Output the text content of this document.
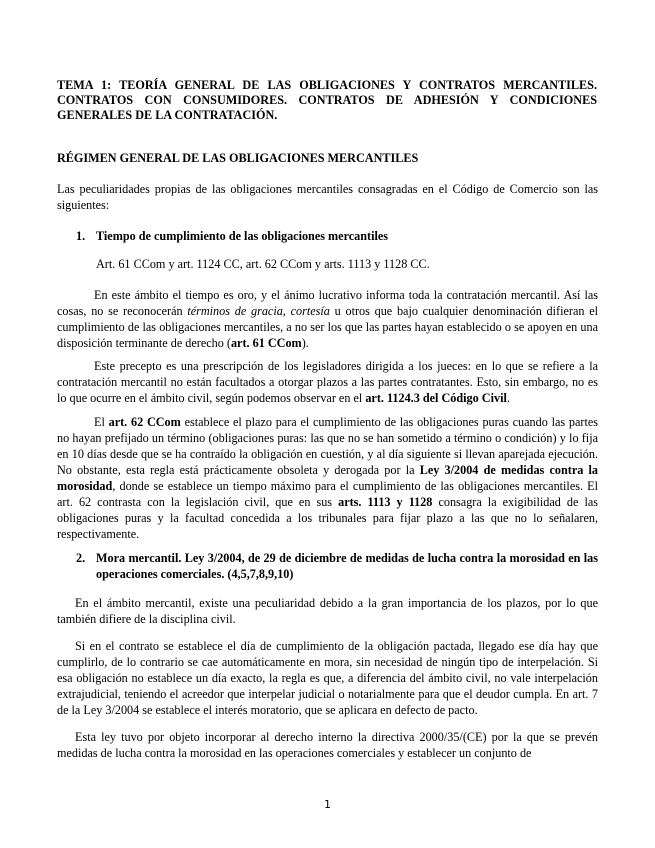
TEMA 1: TEORÍA GENERAL DE LAS OBLIGACIONES Y CONTRATOS MERCANTILES. CONTRATOS CON CONSUMIDORES. CONTRATOS DE ADHESIÓN Y CONDICIONES GENERALES DE LA CONTRATACIÓN.
RÉGIMEN GENERAL DE LAS OBLIGACIONES MERCANTILES
Las peculiaridades propias de las obligaciones mercantiles consagradas en el Código de Comercio son las siguientes:
1. Tiempo de cumplimiento de las obligaciones mercantiles
Art. 61 CCom y art. 1124 CC, art. 62 CCom y arts. 1113 y 1128 CC.
En este ámbito el tiempo es oro, y el ánimo lucrativo informa toda la contratación mercantil. Así las cosas, no se reconocerán términos de gracia, cortesía u otros que bajo cualquier denominación difieran el cumplimiento de las obligaciones mercantiles, a no ser los que las partes hayan establecido o se apoyen en una disposición terminante de derecho (art. 61 CCom).
Este precepto es una prescripción de los legisladores dirigida a los jueces: en lo que se refiere a la contratación mercantil no están facultados a otorgar plazos a las partes contratantes. Esto, sin embargo, no es lo que ocurre en el ámbito civil, según podemos observar en el art. 1124.3 del Código Civil.
El art. 62 CCom establece el plazo para el cumplimiento de las obligaciones puras cuando las partes no hayan prefijado un término (obligaciones puras: las que no se han sometido a término o condición) y lo fija en 10 días desde que se ha contraído la obligación en cuestión, y al día siguiente si llevan aparejada ejecución. No obstante, esta regla está prácticamente obsoleta y derogada por la Ley 3/2004 de medidas contra la morosidad, donde se establece un tiempo máximo para el cumplimiento de las obligaciones mercantiles. El art. 62 contrasta con la legislación civil, que en sus arts. 1113 y 1128 consagra la exigibilidad de las obligaciones puras y la facultad concedida a los tribunales para fijar plazo a las que no lo señalaren, respectivamente.
2. Mora mercantil. Ley 3/2004, de 29 de diciembre de medidas de lucha contra la morosidad en las operaciones comerciales. (4,5,7,8,9,10)
En el ámbito mercantil, existe una peculiaridad debido a la gran importancia de los plazos, por lo que también difiere de la disciplina civil.
Si en el contrato se establece el día de cumplimiento de la obligación pactada, llegado ese día hay que cumplirlo, de lo contrario se cae automáticamente en mora, sin necesidad de ningún tipo de interpelación. Si esa obligación no establece un día exacto, la regla es que, a diferencia del ámbito civil, no vale interpelación extrajudicial, teniendo el acreedor que interpelar judicial o notarialmente para que el deudor cumpla. En art. 7 de la Ley 3/2004 se establece el interés moratorio, que se aplicara en defecto de pacto.
Esta ley tuvo por objeto incorporar al derecho interno la directiva 2000/35/(CE) por la que se prevén medidas de lucha contra la morosidad en las operaciones comerciales y establecer un conjunto de
1
